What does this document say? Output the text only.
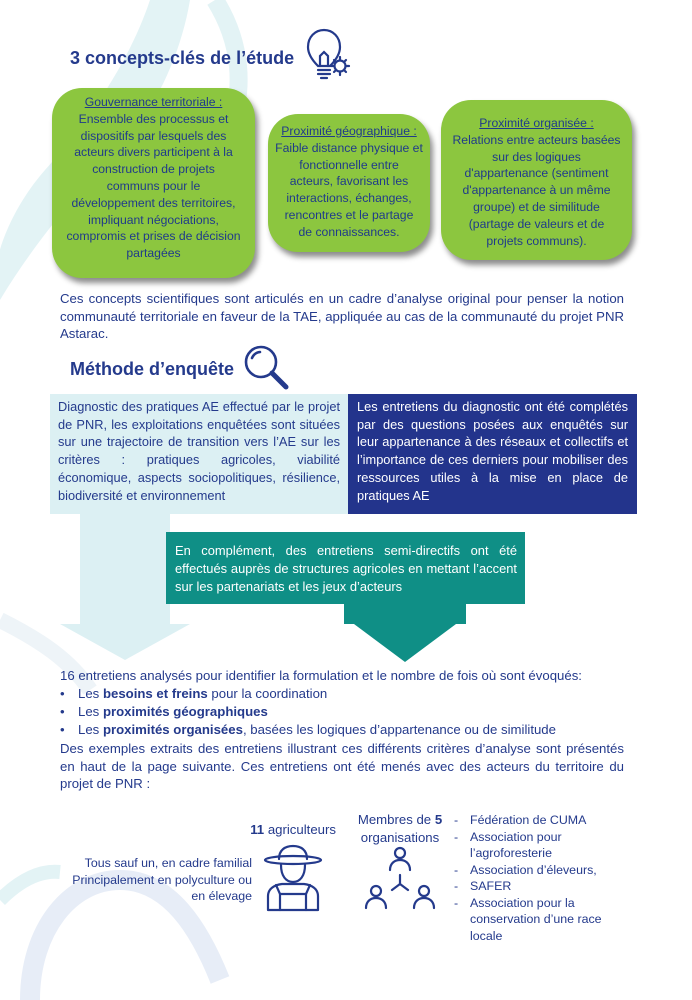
3 concepts-clés de l’étude
Gouvernance territoriale :
Ensemble des processus et
dispositifs par lesquels des
acteurs divers participent à la
construction de projets
communs pour le
développement des territoires,
impliquant négociations,
compromis et prises de décision
partagées
Proximité géographique :
Faible distance physique et
fonctionnelle entre
acteurs, favorisant les
interactions, échanges,
rencontres et le partage
de connaissances.
Proximité organisée :
Relations entre acteurs basées
sur des logiques
d'appartenance (sentiment
d'appartenance à un même
groupe) et de similitude
(partage de valeurs et de
projets communs).
Ces concepts scientifiques sont articulés en un cadre d’analyse original pour penser la notion communauté territoriale en faveur de la TAE, appliquée au cas de la communauté du projet PNR Astarac.
Méthode d’enquête
Diagnostic des pratiques AE effectué par le projet de PNR, les exploitations enquêtées sont situées sur une trajectoire de transition vers l’AE sur les critères : pratiques agricoles, viabilité économique, aspects sociopolitiques, résilience, biodiversité et environnement
Les entretiens du diagnostic ont été complétés par des questions posées aux enquêtés sur leur appartenance à des réseaux et collectifs et l’importance de ces derniers pour mobiliser des ressources utiles à la mise en place de pratiques AE
En complément, des entretiens semi-directifs ont été effectués auprès de structures agricoles en mettant l’accent sur les partenariats et les jeux d’acteurs
16 entretiens analysés pour identifier la formulation et le nombre de fois où sont évoqués:
• Les besoins et freins pour la coordination
• Les proximités géographiques
• Les proximités organisées, basées les logiques d’appartenance ou de similitude
Des exemples extraits des entretiens illustrant ces différents critères d’analyse sont présentés en haut de la page suivante. Ces entretiens ont été menés avec des acteurs du territoire du projet de PNR :
11 agriculteurs
Tous sauf un, en cadre familial
Principalement en polyculture ou
en élevage
Membres de 5
organisations
- Fédération de CUMA
- Association pour
l’agroforesterie
- Association d’éleveurs,
- SAFER
- Association pour la
conservation d’une race
locale
